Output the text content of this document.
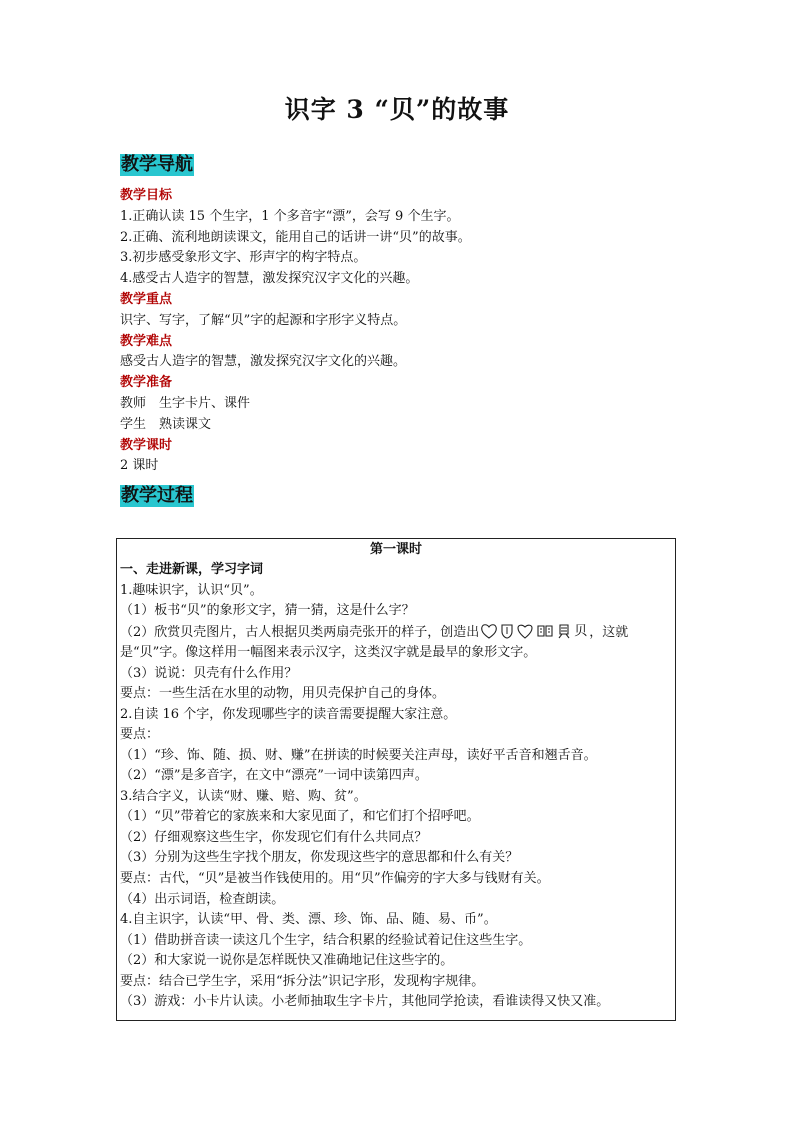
识字 3 “贝”的故事
教学导航
教学目标
1.正确认读 15 个生字，1 个多音字“漂”，会写 9 个生字。
2.正确、流利地朗读课文，能用自己的话讲一讲“贝”的故事。
3.初步感受象形文字、形声字的构字特点。
4.感受古人造字的智慧，激发探究汉字文化的兴趣。
教学重点
识字、写字，了解“贝”字的起源和字形字义特点。
教学难点
感受古人造字的智慧，激发探究汉字文化的兴趣。
教学准备
教师　生字卡片、课件
学生　熟读课文
教学课时
2 课时
教学过程
第一课时
一、走进新课，学习字词
1.趣味识字，认识“贝”。
（1）板书“贝”的象形文字，猜一猜，这是什么字？
（2）欣赏贝壳图片，古人根据贝类两扇壳张开的样子，创造出	贝 ，这就
是“贝”字。像这样用一幅图来表示汉字，这类汉字就是最早的象形文字。
（3）说说：贝壳有什么作用？
要点：一些生活在水里的动物，用贝壳保护自己的身体。
2.自读 16 个字，你发现哪些字的读音需要提醒大家注意。
要点：
（1）“珍、饰、随、损、财、赚”在拼读的时候要关注声母，读好平舌音和翘舌音。
（2）“漂”是多音字，在文中“漂亮”一词中读第四声。
3.结合字义，认读“财、赚、赔、购、贫”。
（1）“贝”带着它的家族来和大家见面了，和它们打个招呼吧。
（2）仔细观察这些生字，你发现它们有什么共同点？
（3）分别为这些生字找个朋友，你发现这些字的意思都和什么有关？
要点：古代，“贝”是被当作钱使用的。用“贝”作偏旁的字大多与钱财有关。
（4）出示词语，检查朗读。
4.自主识字，认读“甲、骨、类、漂、珍、饰、品、随、易、币”。
（1）借助拼音读一读这几个生字，结合积累的经验试着记住这些生字。
（2）和大家说一说你是怎样既快又准确地记住这些字的。
要点：结合已学生字，采用“拆分法”识记字形，发现构字规律。
（3）游戏：小卡片认读。小老师抽取生字卡片，其他同学抢读，看谁读得又快又准。
